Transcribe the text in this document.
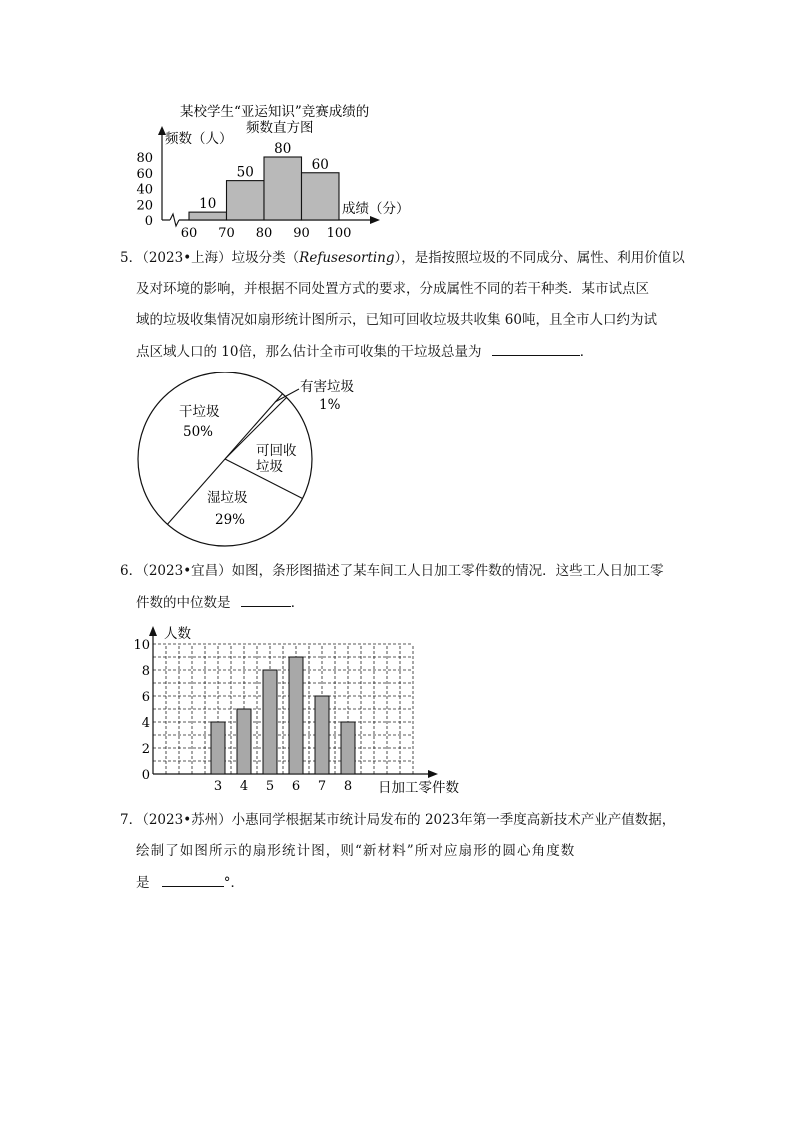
某校学生“亚运知识”竞赛成绩的
频数直方图
频数（人）
成绩（分）
10
50
80
60
80
60
40
20
0
60 70 80 90 100
5．（2023•上海）垃圾分类（Refusesorting），是指按照垃圾的不同成分、属性、利用价值以
及对环境的影响，并根据不同处置方式的要求，分成属性不同的若干种类．某市试点区
域的垃圾收集情况如扇形统计图所示，已知可回收垃圾共收集 60吨，且全市人口约为试
点区域人口的 10倍，那么估计全市可收集的干垃圾总量为	．
有害垃圾
1%
干垃圾
50%
可回收
垃圾
湿垃圾
29%
6．（2023•宜昌）如图，条形图描述了某车间工人日加工零件数的情况．这些工人日加工零
件数的中位数是	．
人数
日加工零件数
10
8
6
4
2
0
3 4 5 6 7 8
7．（2023•苏州）小惠同学根据某市统计局发布的 2023年第一季度高新技术产业产值数据，
绘制了如图所示的扇形统计图，则“新材料”所对应扇形的圆心角度数
是	°．
